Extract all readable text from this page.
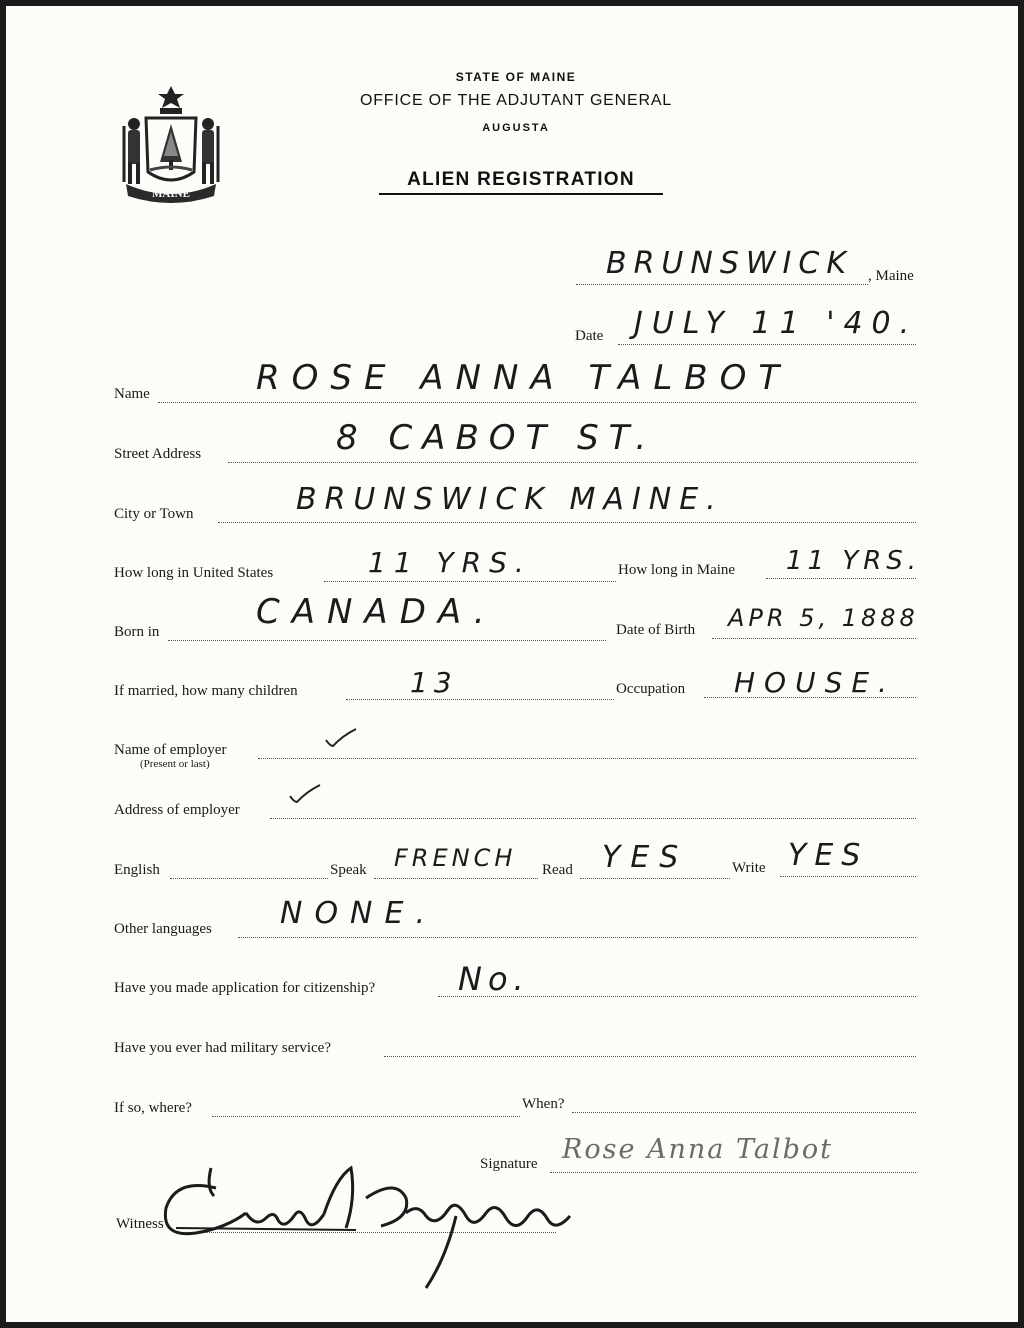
MAINE
STATE OF MAINE
OFFICE OF THE ADJUTANT GENERAL
AUGUSTA
ALIEN REGISTRATION
BRUNSWICK , Maine
Date JULY 11 '40.
Name	ROSE ANNA TALBOT
Street Address	8 CABOT ST.
City or Town	BRUNSWICK MAINE.
How long in United States	11 YRS.	How long in Maine 11 YRS.
Born in	CANADA.	Date of Birth APR 5, 1888
If married, how many children	13	Occupation HOUSE.
Name of employer
(Present or last)
Address of employer
English	Speak FRENCH Read YES	Write YES
Other languages NONE.
Have you made application for citizenship?	No.
Have you ever had military service?
If so, where?	When?
Signature Rose Anna Talbot
Witness
